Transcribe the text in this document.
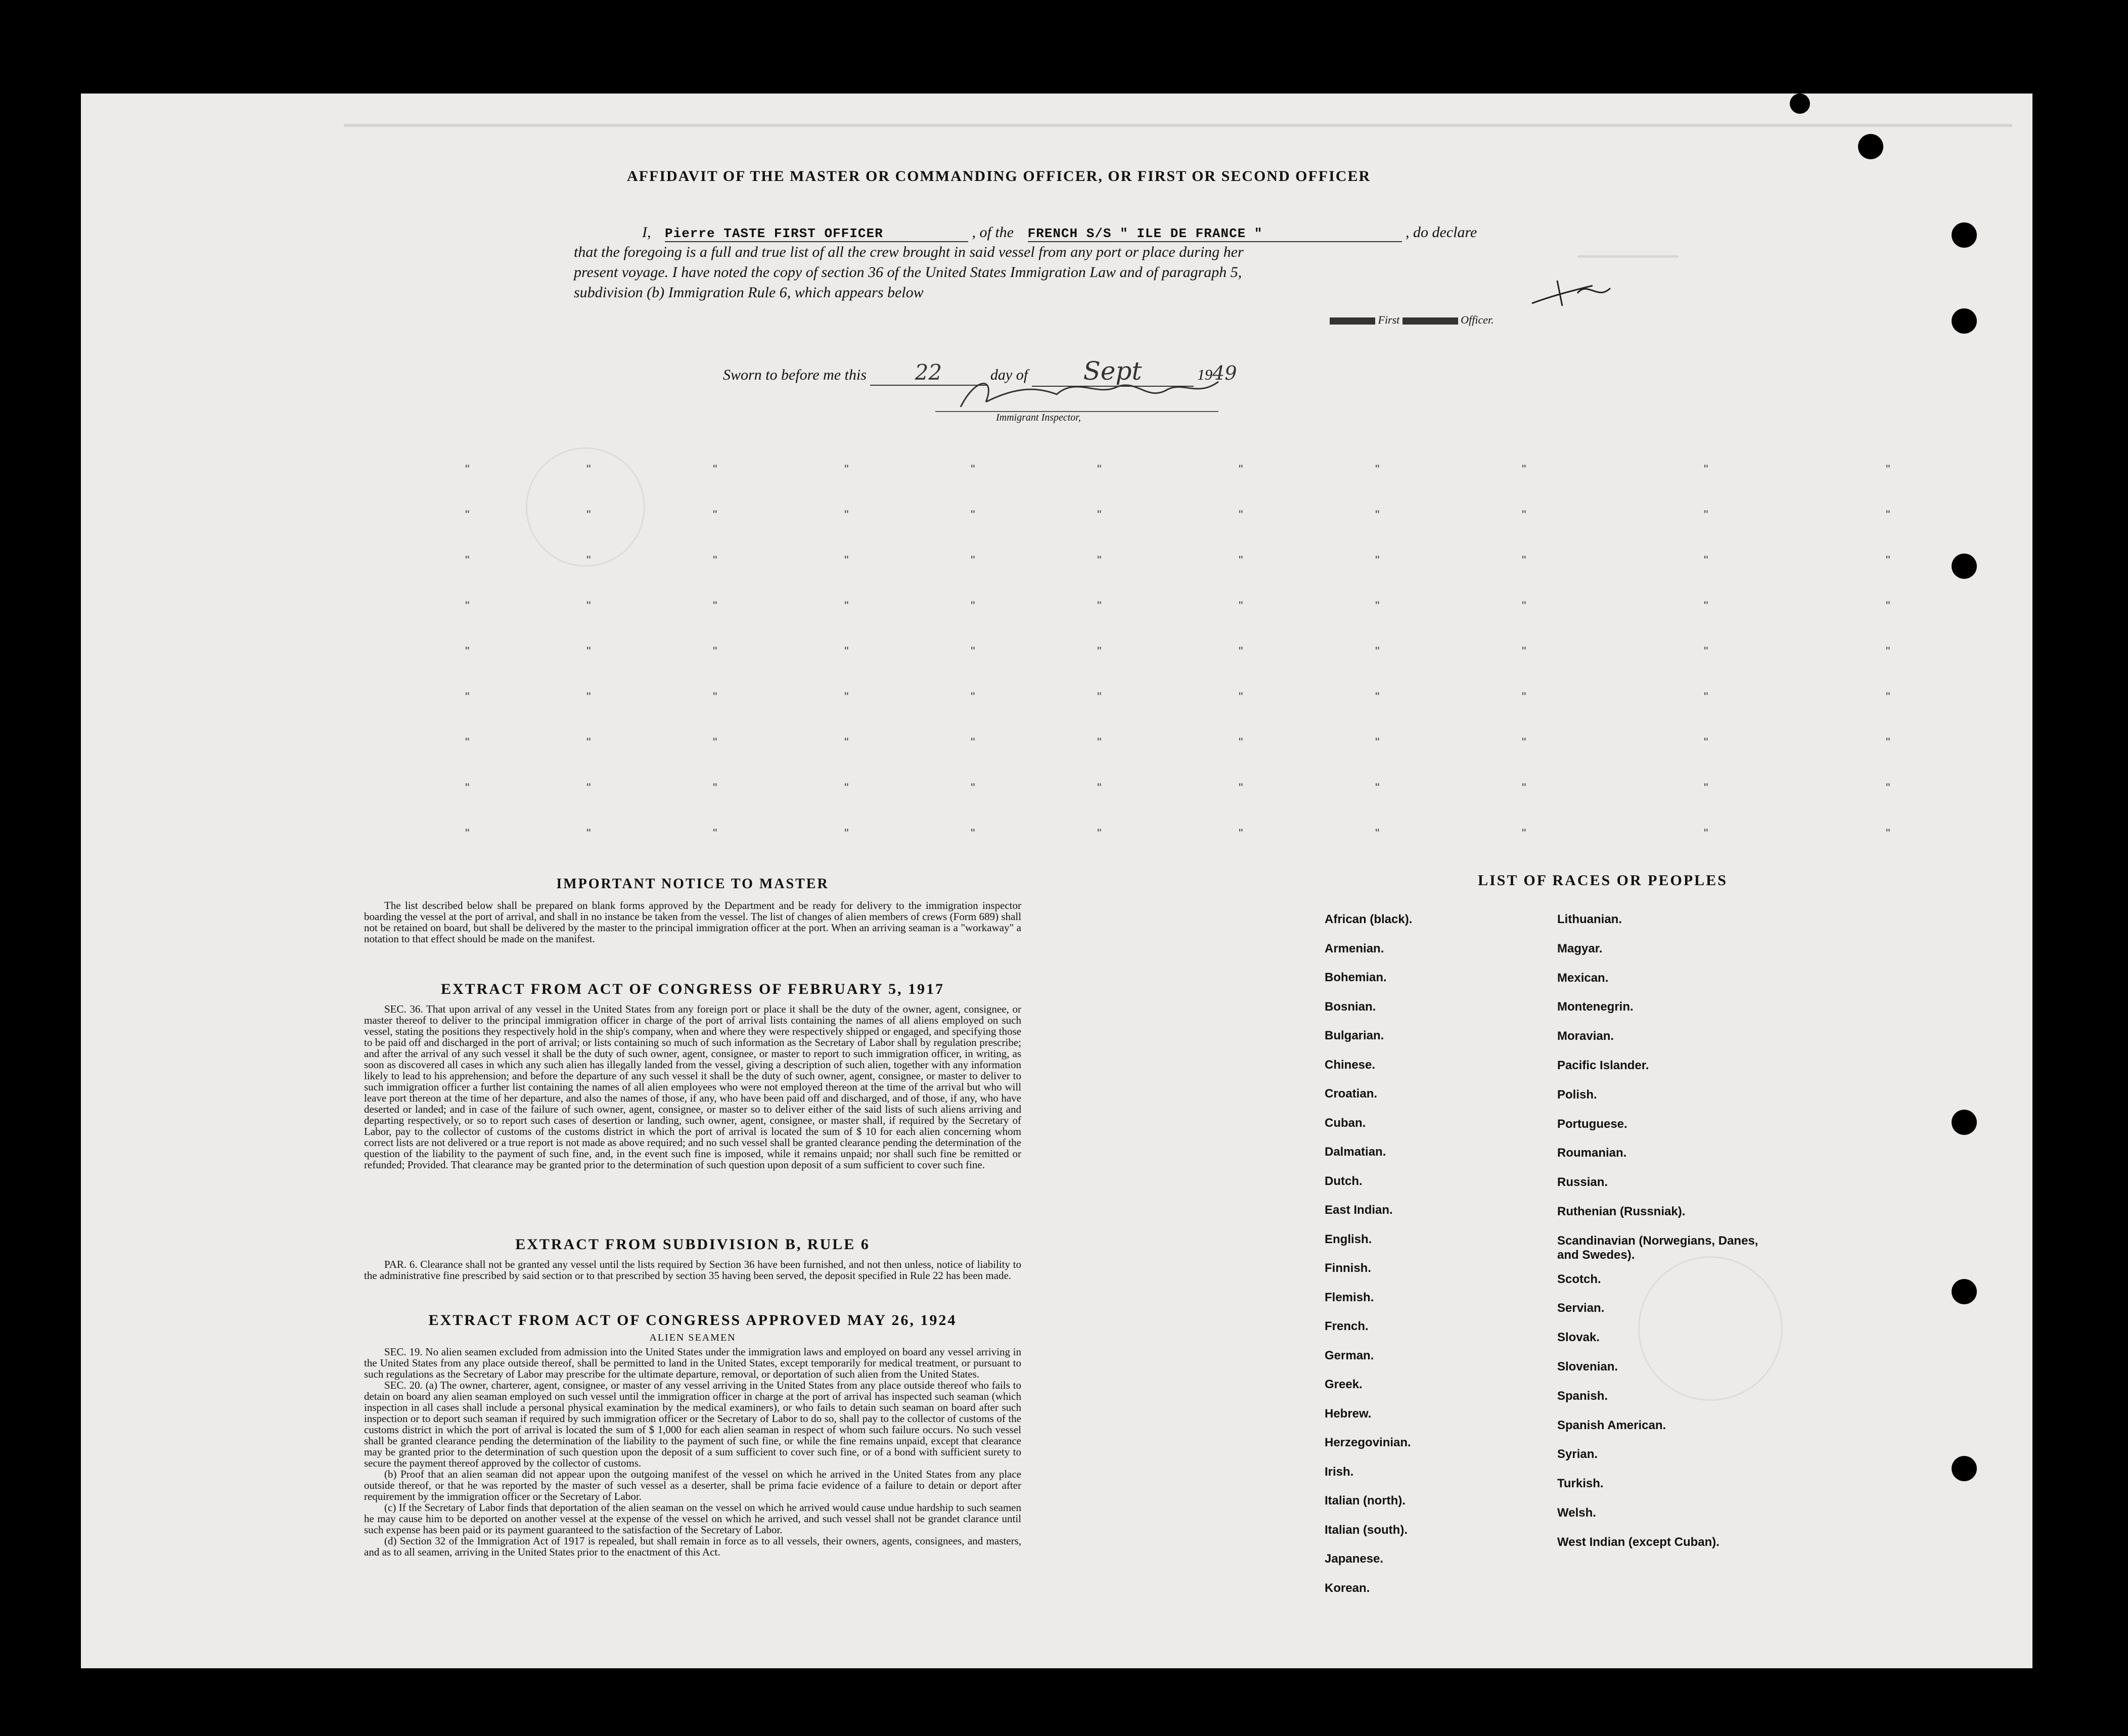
AFFIDAVIT OF THE MASTER OR COMMANDING OFFICER, OR FIRST OR SECOND OFFICER
I, Pierre TASTE FIRST OFFICER	, of the FRENCH S/S " ILE DE FRANCE "	, do declare
that the foregoing is a full and true list of all the crew brought in said vessel from any port or place during her
present voyage. I have noted the copy of section 36 of the United States Immigration Law and of paragraph 5,
subdivision (b) Immigration Rule 6, which appears below
First	Officer.
Sworn to before me this 22	day of Sept	1949
Immigrant Inspector,
"	"	"	"	"	"	"	"	"	"	"
"	"	"	"	"	"	"	"	"	"	"
"	"	"	"	"	"	"	"	"	"	"
"	"	"	"	"	"	"	"	"	"	"
"	"	"	"	"	"	"	"	"	"	"
"	"	"	"	"	"	"	"	"	"	"
"	"	"	"	"	"	"	"	"	"	"
"	"	"	"	"	"	"	"	"	"	"
"	"	"	"	"	"	"	"	"	"	"
IMPORTANT NOTICE TO MASTER

The list described below shall be prepared on blank forms approved by the Department and be ready for delivery to the immigration inspector boarding the vessel at the port of arrival, and shall in no instance be taken from the vessel. The list of changes of alien members of crews (Form 689) shall not be retained on board, but shall be delivered by the master to the principal immigration officer at the port. When an arriving seaman is a "workaway" a notation to that effect should be made on the manifest.

EXTRACT FROM ACT OF CONGRESS OF FEBRUARY 5, 1917

SEC. 36. That upon arrival of any vessel in the United States from any foreign port or place it shall be the duty of the owner, agent, consignee, or master thereof to deliver to the principal immigration officer in charge of the port of arrival lists containing the names of all aliens employed on such vessel, stating the positions they respectively hold in the ship's company, when and where they were respectively shipped or engaged, and specifying those to be paid off and discharged in the port of arrival; or lists containing so much of such information as the Secretary of Labor shall by regulation prescribe; and after the arrival of any such vessel it shall be the duty of such owner, agent, consignee, or master to report to such immigration officer, in writing, as soon as discovered all cases in which any such alien has illegally landed from the vessel, giving a description of such alien, together with any information likely to lead to his apprehension; and before the departure of any such vessel it shall be the duty of such owner, agent, consignee, or master to deliver to such immigration officer a further list containing the names of all alien employees who were not employed thereon at the time of the arrival but who will leave port thereon at the time of her departure, and also the names of those, if any, who have been paid off and discharged, and of those, if any, who have deserted or landed; and in case of the failure of such owner, agent, consignee, or master so to deliver either of the said lists of such aliens arriving and departing respectively, or so to report such cases of desertion or landing, such owner, agent, consignee, or master shall, if required by the Secretary of Labor, pay to the collector of customs of the customs district in which the port of arrival is located the sum of $ 10 for each alien concerning whom correct lists are not delivered or a true report is not made as above required; and no such vessel shall be granted clearance pending the determination of the question of the liability to the payment of such fine, and, in the event such fine is imposed, while it remains unpaid; nor shall such fine be remitted or refunded; Provided. That clearance may be granted prior to the determination of such question upon deposit of a sum sufficient to cover such fine.

EXTRACT FROM SUBDIVISION B, RULE 6

PAR. 6. Clearance shall not be granted any vessel until the lists required by Section 36 have been furnished, and not then unless, notice of liability to the administrative fine prescribed by said section or to that prescribed by section 35 having been served, the deposit specified in Rule 22 has been made.

EXTRACT FROM ACT OF CONGRESS APPROVED MAY 26, 1924
ALIEN SEAMEN

SEC. 19. No alien seamen excluded from admission into the United States under the immigration laws and employed on board any vessel arriving in the United States from any place outside thereof, shall be permitted to land in the United States, except temporarily for medical treatment, or pursuant to such regulations as the Secretary of Labor may prescribe for the ultimate departure, removal, or deportation of such alien from the United States.

SEC. 20. (a) The owner, charterer, agent, consignee, or master of any vessel arriving in the United States from any place outside thereof who fails to detain on board any alien seaman employed on such vessel until the immigration officer in charge at the port of arrival has inspected such seaman (which inspection in all cases shall include a personal physical examination by the medical examiners), or who fails to detain such seaman on board after such inspection or to deport such seaman if required by such immigration officer or the Secretary of Labor to do so, shall pay to the collector of customs of the customs district in which the port of arrival is located the sum of $ 1,000 for each alien seaman in respect of whom such failure occurs. No such vessel shall be granted clearance pending the determination of the liability to the payment of such fine, or while the fine remains unpaid, except that clearance may be granted prior to the determination of such question upon the deposit of a sum sufficient to cover such fine, or of a bond with sufficient surety to secure the payment thereof approved by the collector of customs.

(b) Proof that an alien seaman did not appear upon the outgoing manifest of the vessel on which he arrived in the United States from any place outside thereof, or that he was reported by the master of such vessel as a deserter, shall be prima facie evidence of a failure to detain or deport after requirement by the immigration officer or the Secretary of Labor.

(c) If the Secretary of Labor finds that deportation of the alien seaman on the vessel on which he arrived would cause undue hardship to such seamen he may cause him to be deported on another vessel at the expense of the vessel on which he arrived, and such vessel shall not be grandet clarance until such expense has been paid or its payment guaranteed to the satisfaction of the Secretary of Labor.

(d) Section 32 of the Immigration Act of 1917 is repealed, but shall remain in force as to all vessels, their owners, agents, consignees, and masters, and as to all seamen, arriving in the United States prior to the enactment of this Act.

LIST OF RACES OR PEOPLES
African (black).
Armenian.
Bohemian.
Bosnian.
Bulgarian.
Chinese.
Croatian.
Cuban.
Dalmatian.
Dutch.
East Indian.
English.
Finnish.
Flemish.
French.
German.
Greek.
Hebrew.
Herzegovinian.
Irish.
Italian (north).
Italian (south).
Japanese.
Korean.
Lithuanian.
Magyar.
Mexican.
Montenegrin.
Moravian.
Pacific Islander.
Polish.
Portuguese.
Roumanian.
Russian.
Ruthenian (Russniak).
Scandinavian (Norwegians, Danes, and Swedes).
Scotch.
Servian.
Slovak.
Slovenian.
Spanish.
Spanish American.
Syrian.
Turkish.
Welsh.
West Indian (except Cuban).
